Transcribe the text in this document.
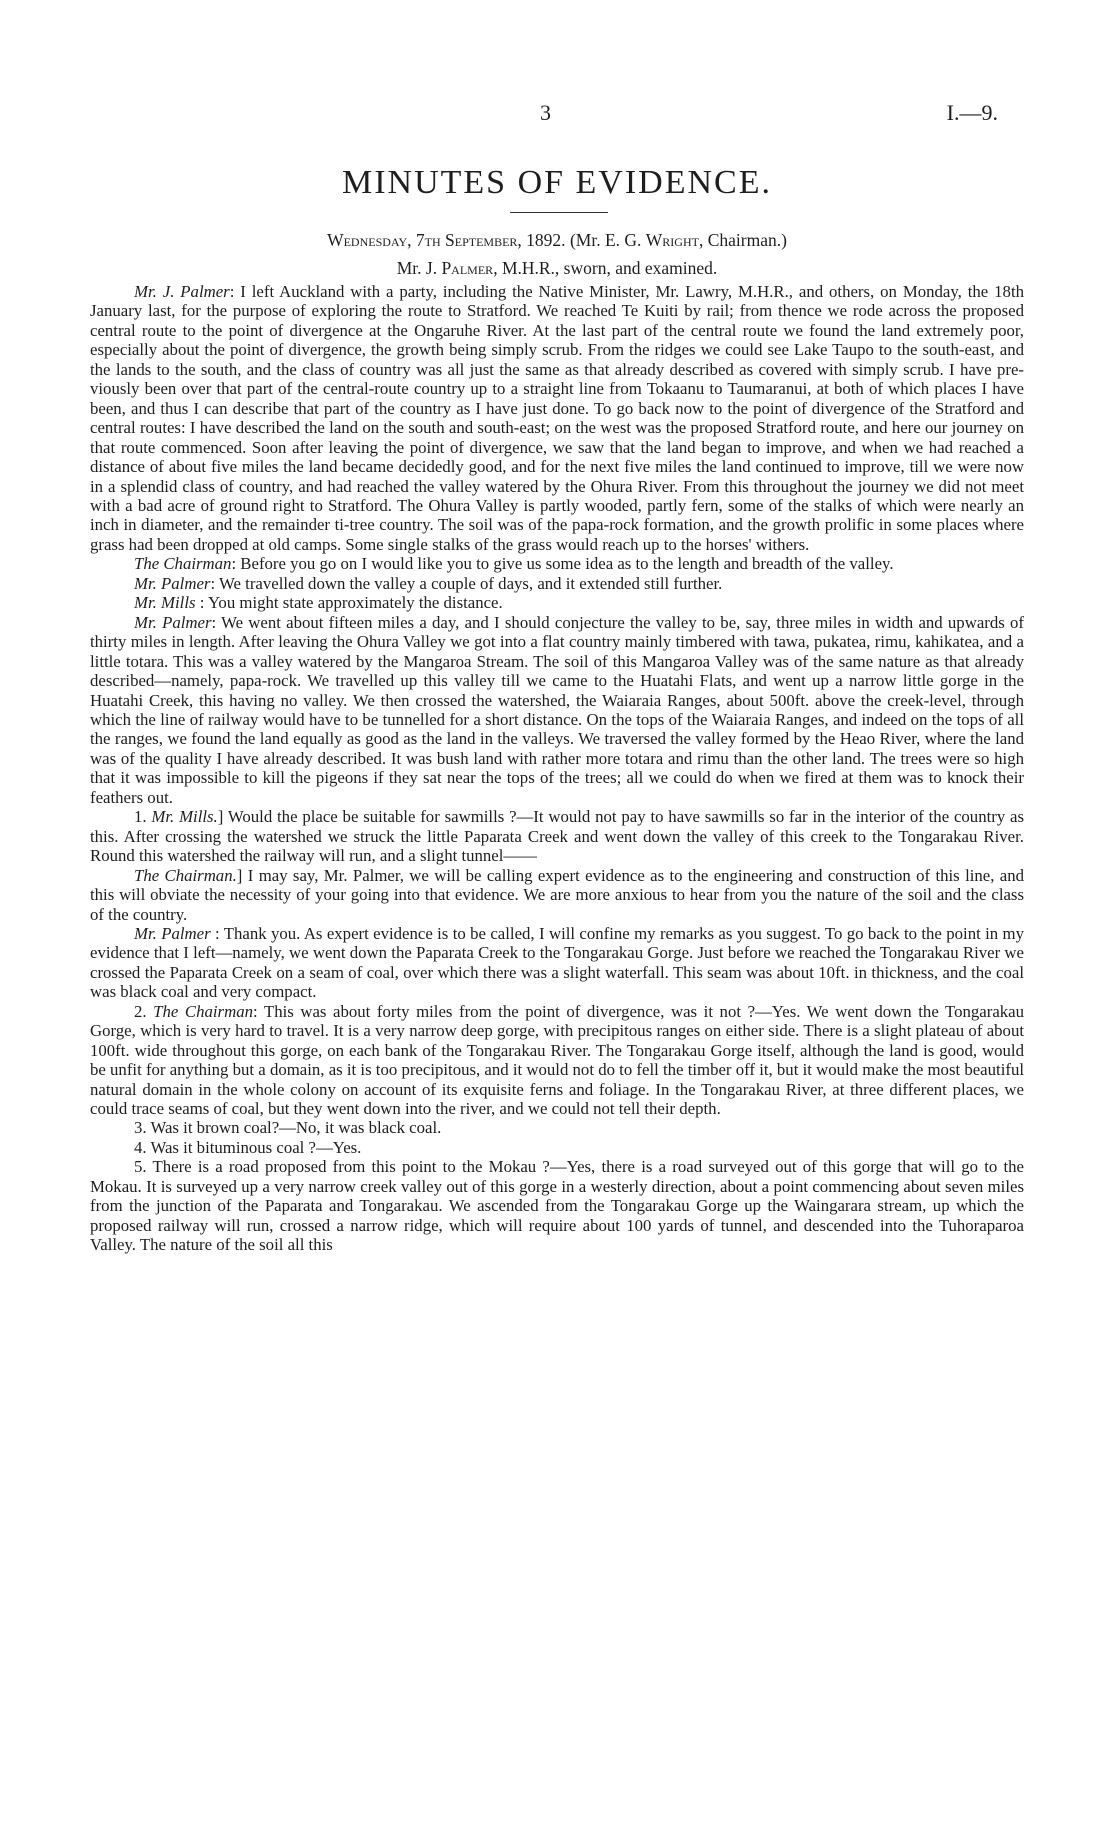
3	I.—9.
MINUTES OF EVIDENCE.
Wednesday, 7th September, 1892. (Mr. E. G. Wright, Chairman.)
Mr. J. Palmer, M.H.R., sworn, and examined.

Mr. J. Palmer: I left Auckland with a party, including the Native Minister, Mr. Lawry, M.H.R., and others, on Monday, the 18th January last, for the purpose of exploring the route to Stratford. We reached Te Kuiti by rail; from thence we rode across the proposed central route to the point of divergence at the Ongaruhe River. At the last part of the central route we found the land extremely poor, especially about the point of divergence, the growth being simply scrub. From the ridges we could see Lake Taupo to the south-east, and the lands to the south, and the class of country was all just the same as that already described as covered with simply scrub. I have previously been over that part of the central-route country up to a straight line from Tokaanu to Taumaranui, at both of which places I have been, and thus I can describe that part of the country as I have just done. To go back now to the point of divergence of the Stratford and central routes: I have described the land on the south and south-east; on the west was the proposed Stratford route, and here our journey on that route commenced. Soon after leaving the point of divergence, we saw that the land began to improve, and when we had reached a distance of about five miles the land became decidedly good, and for the next five miles the land continued to improve, till we were now in a splendid class of country, and had reached the valley watered by the Ohura River. From this throughout the journey we did not meet with a bad acre of ground right to Stratford. The Ohura Valley is partly wooded, partly fern, some of the stalks of which were nearly an inch in diameter, and the remainder ti-tree country. The soil was of the papa-rock formation, and the growth prolific in some places where grass had been dropped at old camps. Some single stalks of the grass would reach up to the horses' withers.

The Chairman: Before you go on I would like you to give us some idea as to the length and breadth of the valley.

Mr. Palmer: We travelled down the valley a couple of days, and it extended still further.

Mr. Mills : You might state approximately the distance.

Mr. Palmer: We went about fifteen miles a day, and I should conjecture the valley to be, say, three miles in width and upwards of thirty miles in length. After leaving the Ohura Valley we got into a flat country mainly timbered with tawa, pukatea, rimu, kahikatea, and a little totara. This was a valley watered by the Mangaroa Stream. The soil of this Mangaroa Valley was of the same nature as that already described—namely, papa-rock. We travelled up this valley till we came to the Huatahi Flats, and went up a narrow little gorge in the Huatahi Creek, this having no valley. We then crossed the watershed, the Waiaraia Ranges, about 500ft. above the creek-level, through which the line of railway would have to be tunnelled for a short distance. On the tops of the Waiaraia Ranges, and indeed on the tops of all the ranges, we found the land equally as good as the land in the valleys. We traversed the valley formed by the Heao River, where the land was of the quality I have already described. It was bush land with rather more totara and rimu than the other land. The trees were so high that it was impossible to kill the pigeons if they sat near the tops of the trees; all we could do when we fired at them was to knock their feathers out.

1. Mr. Mills.] Would the place be suitable for sawmills ?—It would not pay to have sawmills so far in the interior of the country as this. After crossing the watershed we struck the little Paparata Creek and went down the valley of this creek to the Tongarakau River. Round this watershed the railway will run, and a slight tunnel——

The Chairman.] I may say, Mr. Palmer, we will be calling expert evidence as to the engineering and construction of this line, and this will obviate the necessity of your going into that evidence. We are more anxious to hear from you the nature of the soil and the class of the country.

Mr. Palmer : Thank you. As expert evidence is to be called, I will confine my remarks as you suggest. To go back to the point in my evidence that I left—namely, we went down the Paparata Creek to the Tongarakau Gorge. Just before we reached the Tongarakau River we crossed the Paparata Creek on a seam of coal, over which there was a slight waterfall. This seam was about 10ft. in thickness, and the coal was black coal and very compact.

2. The Chairman: This was about forty miles from the point of divergence, was it not ?—Yes. We went down the Tongarakau Gorge, which is very hard to travel. It is a very narrow deep gorge, with precipitous ranges on either side. There is a slight plateau of about 100ft. wide throughout this gorge, on each bank of the Tongarakau River. The Tongarakau Gorge itself, although the land is good, would be unfit for anything but a domain, as it is too precipitous, and it would not do to fell the timber off it, but it would make the most beautiful natural domain in the whole colony on account of its exquisite ferns and foliage. In the Tongarakau River, at three different places, we could trace seams of coal, but they went down into the river, and we could not tell their depth.

3. Was it brown coal?—No, it was black coal.

4. Was it bituminous coal ?—Yes.

5. There is a road proposed from this point to the Mokau ?—Yes, there is a road surveyed out of this gorge that will go to the Mokau. It is surveyed up a very narrow creek valley out of this gorge in a westerly direction, about a point commencing about seven miles from the junction of the Paparata and Tongarakau. We ascended from the Tongarakau Gorge up the Waingarara stream, up which the proposed railway will run, crossed a narrow ridge, which will require about 100 yards of tunnel, and descended into the Tuhoraparoa Valley. The nature of the soil all this
